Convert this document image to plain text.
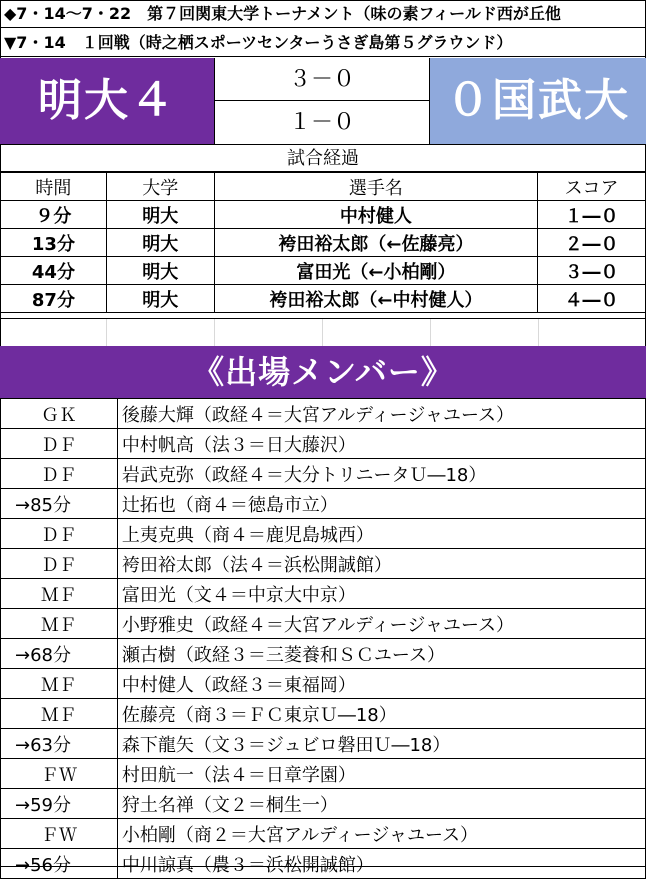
◆7・14～7・22　第７回関東大学トーナメント（味の素フィールド西が丘他
▼7・14　１回戦（時之栖スポーツセンターうさぎ島第５グラウンド）
明大４	３－０
１－０	０国武大
試合経過
時間	大学	選手名	スコア
９分	明大	中村健人	１―０
13分	明大	袴田裕太郎（←佐藤亮）	２―０
44分	明大	富田光（←小柏剛）	３―０
87分	明大	袴田裕太郎（←中村健人）	４―０
《出場メンバー》
ＧＫ	後藤大輝（政経４＝大宮アルディージャユース）
ＤＦ	中村帆高（法３＝日大藤沢）
ＤＦ	岩武克弥（政経４＝大分トリニータＵ―18）
→85分	辻拓也（商４＝徳島市立）
ＤＦ	上夷克典（商４＝鹿児島城西）
ＤＦ	袴田裕太郎（法４＝浜松開誠館）
ＭＦ	富田光（文４＝中京大中京）
ＭＦ	小野雅史（政経４＝大宮アルディージャユース）
→68分	瀬古樹（政経３＝三菱養和ＳＣユース）
ＭＦ	中村健人（政経３＝東福岡）
ＭＦ	佐藤亮（商３＝ＦＣ東京Ｕ―18）
→63分	森下龍矢（文３＝ジュビロ磐田Ｕ―18）
ＦＷ	村田航一（法４＝日章学園）
→59分	狩土名禅（文２＝桐生一）
ＦＷ	小柏剛（商２＝大宮アルディージャユース）
→56分	中川諒真（農３＝浜松開誠館）
